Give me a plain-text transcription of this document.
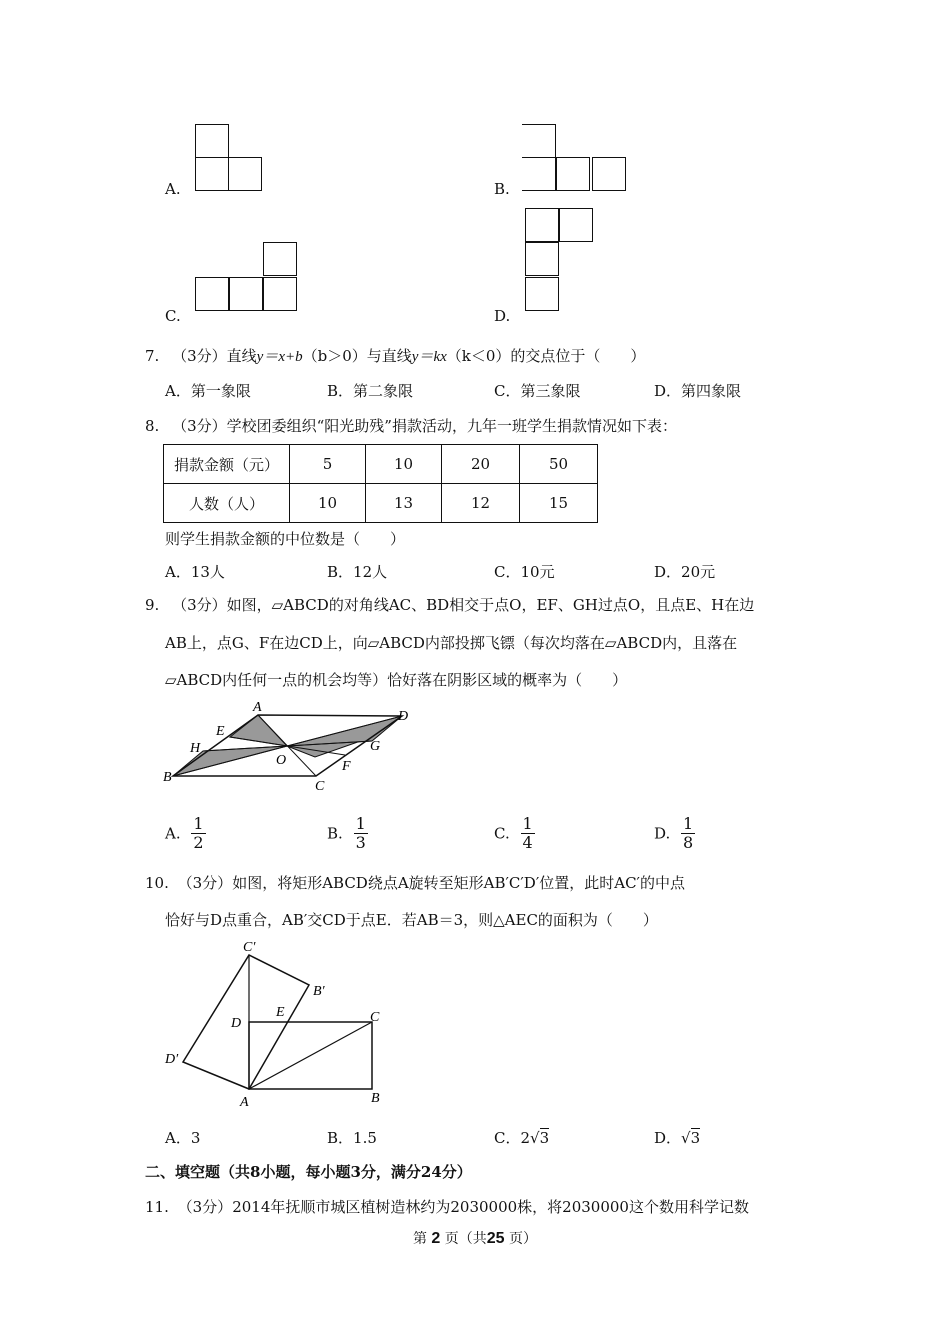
A.	B.
C.	D.
7. （3分）直线y＝x+b（b＞0）与直线y＝kx（k＜0）的交点位于（　　）
A．第一象限	B．第二象限	C．第三象限	D．第四象限
8. （3分）学校团委组织“阳光助残”捐款活动，九年一班学生捐款情况如下表：
捐款金额（元）	5	10	20	50
人数（人）	10	13	12	15
则学生捐款金额的中位数是（　　）
A．13人	B．12人	C．10元	D．20元
9. （3分）如图，▱ABCD的对角线AC、BD相交于点O，EF、GH过点O，且点E、H在边
AB上，点G、F在边CD上，向▱ABCD内部投掷飞镖（每次均落在▱ABCD内，且落在
▱ABCD内任何一点的机会均等）恰好落在阴影区域的概率为（　　）
A
B
C
D
E
F
G
H
O
A. $\frac{1}{2}$	B. $\frac{1}{3}$	C. $\frac{1}{4}$	D. $\frac{1}{8}$
10. （3分）如图，将矩形ABCD绕点A旋转至矩形AB′C′D′位置，此时AC′的中点
恰好与D点重合，AB′交CD于点E．若AB＝3，则△AEC的面积为（　　）
C′
B′
D
E	C
D′
A	B
A．3	B．1.5	C．2√3	D．√3
二、填空题（共8小题，每小题3分，满分24分）
11. （3分）2014年抚顺市城区植树造林约为2030000株，将2030000这个数用科学记数
第 2 页（共25 页）
